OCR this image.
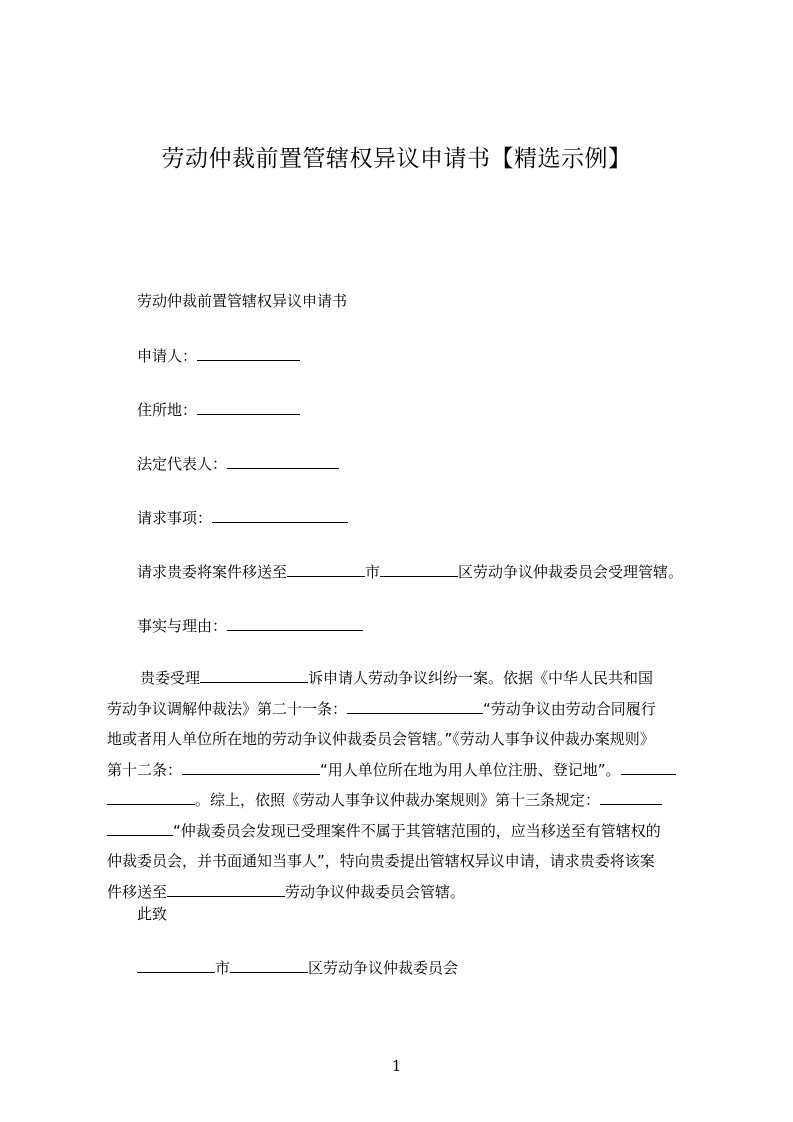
劳动仲裁前置管辖权异议申请书【精选示例】
劳动仲裁前置管辖权异议申请书
申请人：
住所地：
法定代表人：
请求事项：
请求贵委将案件移送至	市	区劳动争议仲裁委员会受理管辖。
事实与理由：

贵委受理	诉申请人劳动争议纠纷一案。依据《中华人民共和国

劳动争议调解仲裁法》第二十一条：	“劳动争议由劳动合同履行

地或者用人单位所在地的劳动争议仲裁委员会管辖。”《劳动人事争议仲裁办案规则》

第十二条：	“用人单位所在地为用人单位注册、登记地”。

。综上，依照《劳动人事争议仲裁办案规则》第十三条规定：

“仲裁委员会发现已受理案件不属于其管辖范围的，应当移送至有管辖权的

仲裁委员会，并书面通知当事人”，特向贵委提出管辖权异议申请，请求贵委将该案

件移送至	劳动争议仲裁委员会管辖。

此致
市	区劳动争议仲裁委员会
1
